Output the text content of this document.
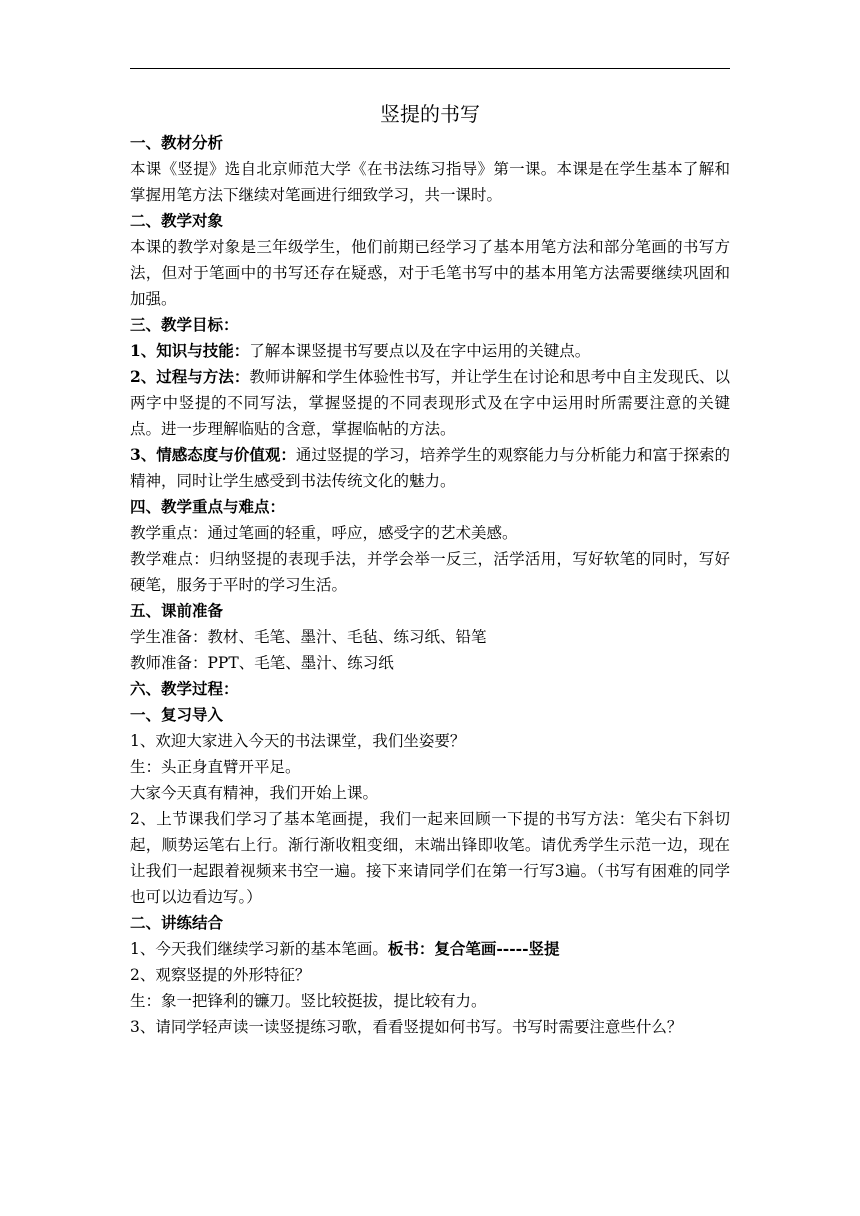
竖提的书写
一、教材分析
本课《竖提》选自北京师范大学《在书法练习指导》第一课。本课是在学生基本了解和掌握用笔方法下继续对笔画进行细致学习，共一课时。
二、教学对象
本课的教学对象是三年级学生，他们前期已经学习了基本用笔方法和部分笔画的书写方法，但对于笔画中的书写还存在疑惑，对于毛笔书写中的基本用笔方法需要继续巩固和加强。
三、教学目标：
1、知识与技能：了解本课竖提书写要点以及在字中运用的关键点。
2、过程与方法：教师讲解和学生体验性书写，并让学生在讨论和思考中自主发现氏、以两字中竖提的不同写法，掌握竖提的不同表现形式及在字中运用时所需要注意的关键点。进一步理解临贴的含意，掌握临帖的方法。
3、情感态度与价值观：通过竖提的学习，培养学生的观察能力与分析能力和富于探索的精神，同时让学生感受到书法传统文化的魅力。
四、教学重点与难点：
教学重点：通过笔画的轻重，呼应，感受字的艺术美感。
教学难点：归纳竖提的表现手法，并学会举一反三，活学活用，写好软笔的同时，写好硬笔，服务于平时的学习生活。
五、课前准备
学生准备：教材、毛笔、墨汁、毛毡、练习纸、铅笔
教师准备：PPT、毛笔、墨汁、练习纸
六、教学过程：
一、复习导入
1、欢迎大家进入今天的书法课堂，我们坐姿要？
生：头正身直臂开平足。
大家今天真有精神，我们开始上课。
2、上节课我们学习了基本笔画提，我们一起来回顾一下提的书写方法：笔尖右下斜切起，顺势运笔右上行。渐行渐收粗变细，末端出锋即收笔。请优秀学生示范一边，现在让我们一起跟着视频来书空一遍。接下来请同学们在第一行写3遍。（书写有困难的同学也可以边看边写。）
二、讲练结合
1、今天我们继续学习新的基本笔画。板书：复合笔画-----竖提
2、观察竖提的外形特征？
生：象一把锋利的镰刀。竖比较挺拔，提比较有力。
3、请同学轻声读一读竖提练习歌，看看竖提如何书写。书写时需要注意些什么？
